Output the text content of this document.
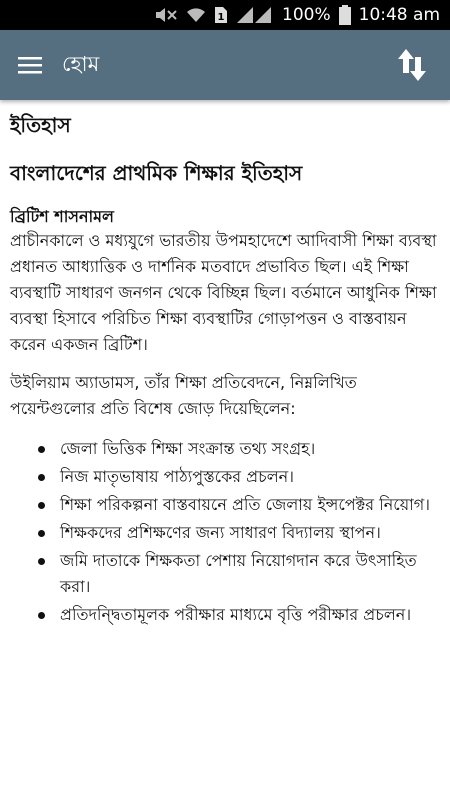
1	100% 10:48 am
হোম
ইতিহাস
বাংলাদেশের প্রাথমিক শিক্ষার ইতিহাস
ব্রিটিশ শাসনামল

প্রাচীনকালে ও মধ্যযুগে ভারতীয় উপমহাদেশে আদিবাসী শিক্ষা ব্যবস্থা প্রধানত আধ্যাত্তিক ও দার্শনিক মতবাদে প্রভাবিত ছিল। এই শিক্ষা ব্যবস্থাটি সাধারণ জনগন থেকে বিচ্ছিন্ন ছিল। বর্তমানে আধুনিক শিক্ষা ব্যবস্থা হিসাবে পরিচিত শিক্ষা ব্যবস্থাটির গোড়াপত্তন ও বাস্তবায়ন করেন একজন ব্রিটিশ।

উইলিয়াম অ্যাডামস, তাঁর শিক্ষা প্রতিবেদনে, নিম্নলিখিত পয়েন্টগুলোর প্রতি বিশেষ জোড় দিয়েছিলেন:

জেলা ভিত্তিক শিক্ষা সংক্রান্ত তথ্য সংগ্রহ।
নিজ মাতৃভাষায় পাঠ্যপুস্তকের প্রচলন।
শিক্ষা পরিকল্পনা বাস্তবায়নে প্রতি জেলায় ইন্সপেক্টর নিয়োগ।
শিক্ষকদের প্রশিক্ষণের জন্য সাধারণ বিদ্যালয় স্থাপন।
জমি দাতাকে শিক্ষকতা পেশায় নিয়োগদান করে উৎসাহিত করা।
প্রতিদন্দ্বিতামূলক পরীক্ষার মাধ্যমে বৃত্তি পরীক্ষার প্রচলন।
